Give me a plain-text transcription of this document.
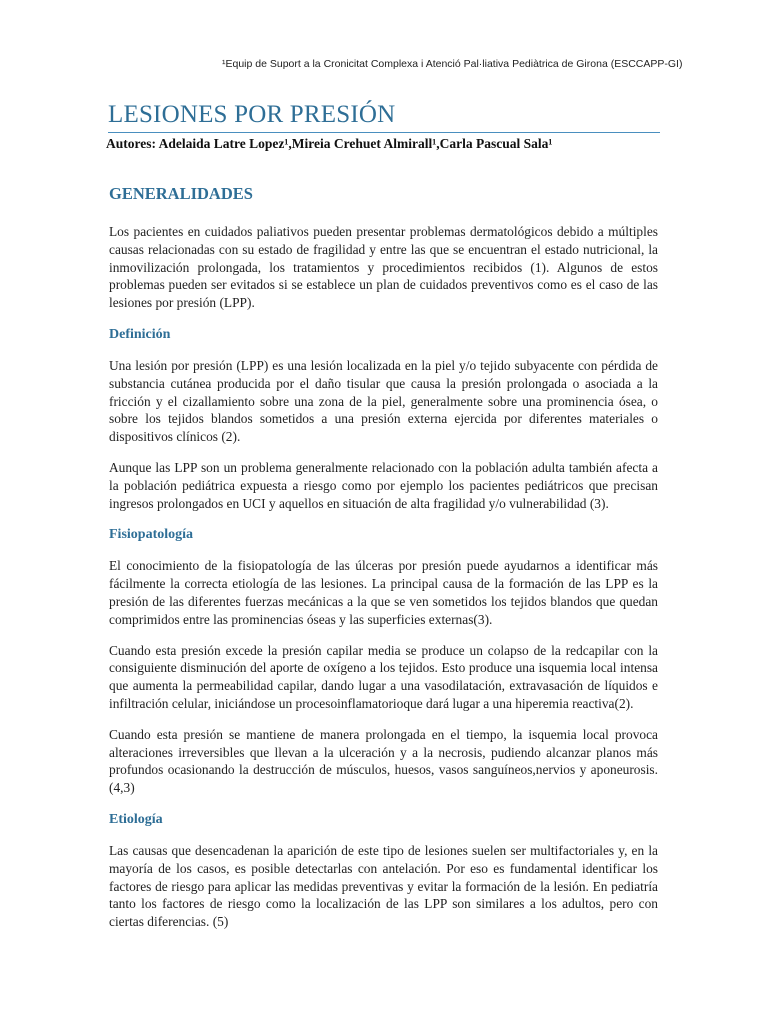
¹Equip de Suport a la Cronicitat Complexa i Atenció Pal·liativa Pediàtrica de Girona (ESCCAPP-GI)
LESIONES POR PRESIÓN
Autores: Adelaida Latre Lopez¹,Mireia Crehuet Almirall¹,Carla Pascual Sala¹
GENERALIDADES

Los pacientes en cuidados paliativos pueden presentar problemas dermatológicos debido a múltiples causas relacionadas con su estado de fragilidad y entre las que se encuentran el estado nutricional, la inmovilización prolongada, los tratamientos y procedimientos recibidos (1). Algunos de estos problemas pueden ser evitados si se establece un plan de cuidados preventivos como es el caso de las lesiones por presión (LPP).

Definición

Una lesión por presión (LPP) es una lesión localizada en la piel y/o tejido subyacente con pérdida de substancia cutánea producida por el daño tisular que causa la presión prolongada o asociada a la fricción y el cizallamiento sobre una zona de la piel, generalmente sobre una prominencia ósea, o sobre los tejidos blandos sometidos a una presión externa ejercida por diferentes materiales o dispositivos clínicos (2).

Aunque las LPP son un problema generalmente relacionado con la población adulta también afecta a la población pediátrica expuesta a riesgo como por ejemplo los pacientes pediátricos que precisan ingresos prolongados en UCI y aquellos en situación de alta fragilidad y/o vulnerabilidad (3).

Fisiopatología

El conocimiento de la fisiopatología de las úlceras por presión puede ayudarnos a identificar más fácilmente la correcta etiología de las lesiones. La principal causa de la formación de las LPP es la presión de las diferentes fuerzas mecánicas a la que se ven sometidos los tejidos blandos que quedan comprimidos entre las prominencias óseas y las superficies externas(3).

Cuando esta presión excede la presión capilar media se produce un colapso de la redcapilar con la consiguiente disminución del aporte de oxígeno a los tejidos. Esto produce una isquemia local intensa que aumenta la permeabilidad capilar, dando lugar a una vasodilatación, extravasación de líquidos e infiltración celular, iniciándose un procesoinflamatorioque dará lugar a una hiperemia reactiva(2).

Cuando esta presión se mantiene de manera prolongada en el tiempo, la isquemia local provoca alteraciones irreversibles que llevan a la ulceración y a la necrosis, pudiendo alcanzar planos más profundos ocasionando la destrucción de músculos, huesos, vasos sanguíneos,nervios y aponeurosis. (4,3)

Etiología

Las causas que desencadenan la aparición de este tipo de lesiones suelen ser multifactoriales y, en la mayoría de los casos, es posible detectarlas con antelación. Por eso es fundamental identificar los factores de riesgo para aplicar las medidas preventivas y evitar la formación de la lesión. En pediatría tanto los factores de riesgo como la localización de las LPP son similares a los adultos, pero con ciertas diferencias. (5)
